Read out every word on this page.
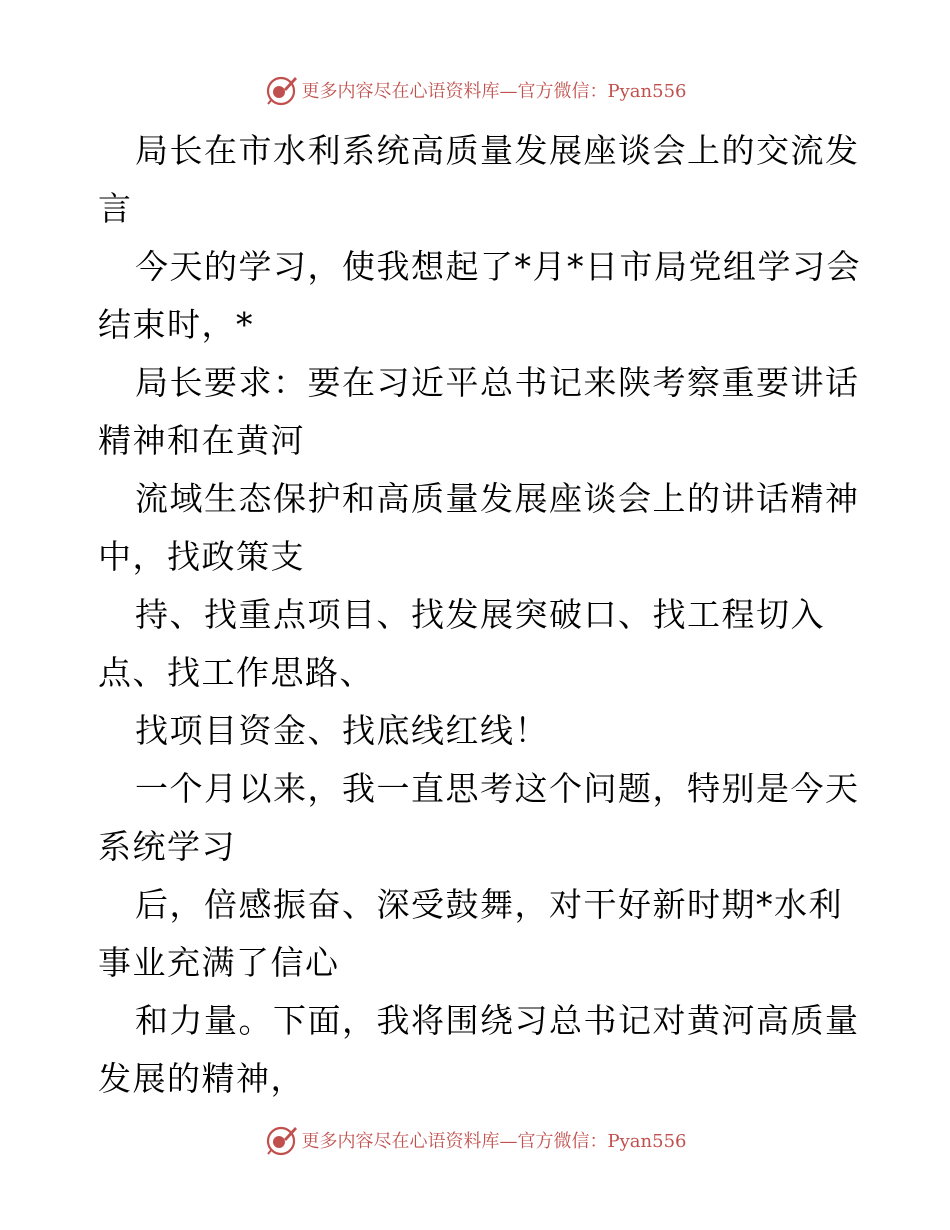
更多内容尽在心语资料库—官方微信：Pyan556
局长在市水利系统高质量发展座谈会上的交流发
言
今天的学习，使我想起了*月*日市局党组学习会
结束时，*
局长要求：要在习近平总书记来陕考察重要讲话
精神和在黄河
流域生态保护和高质量发展座谈会上的讲话精神
中，找政策支
持、找重点项目、找发展突破口、找工程切入
点、找工作思路、
找项目资金、找底线红线！
一个月以来，我一直思考这个问题，特别是今天
系统学习
后，倍感振奋、深受鼓舞，对干好新时期*水利
事业充满了信心
和力量。下面，我将围绕习总书记对黄河高质量
发展的精神，
更多内容尽在心语资料库—官方微信：Pyan556
